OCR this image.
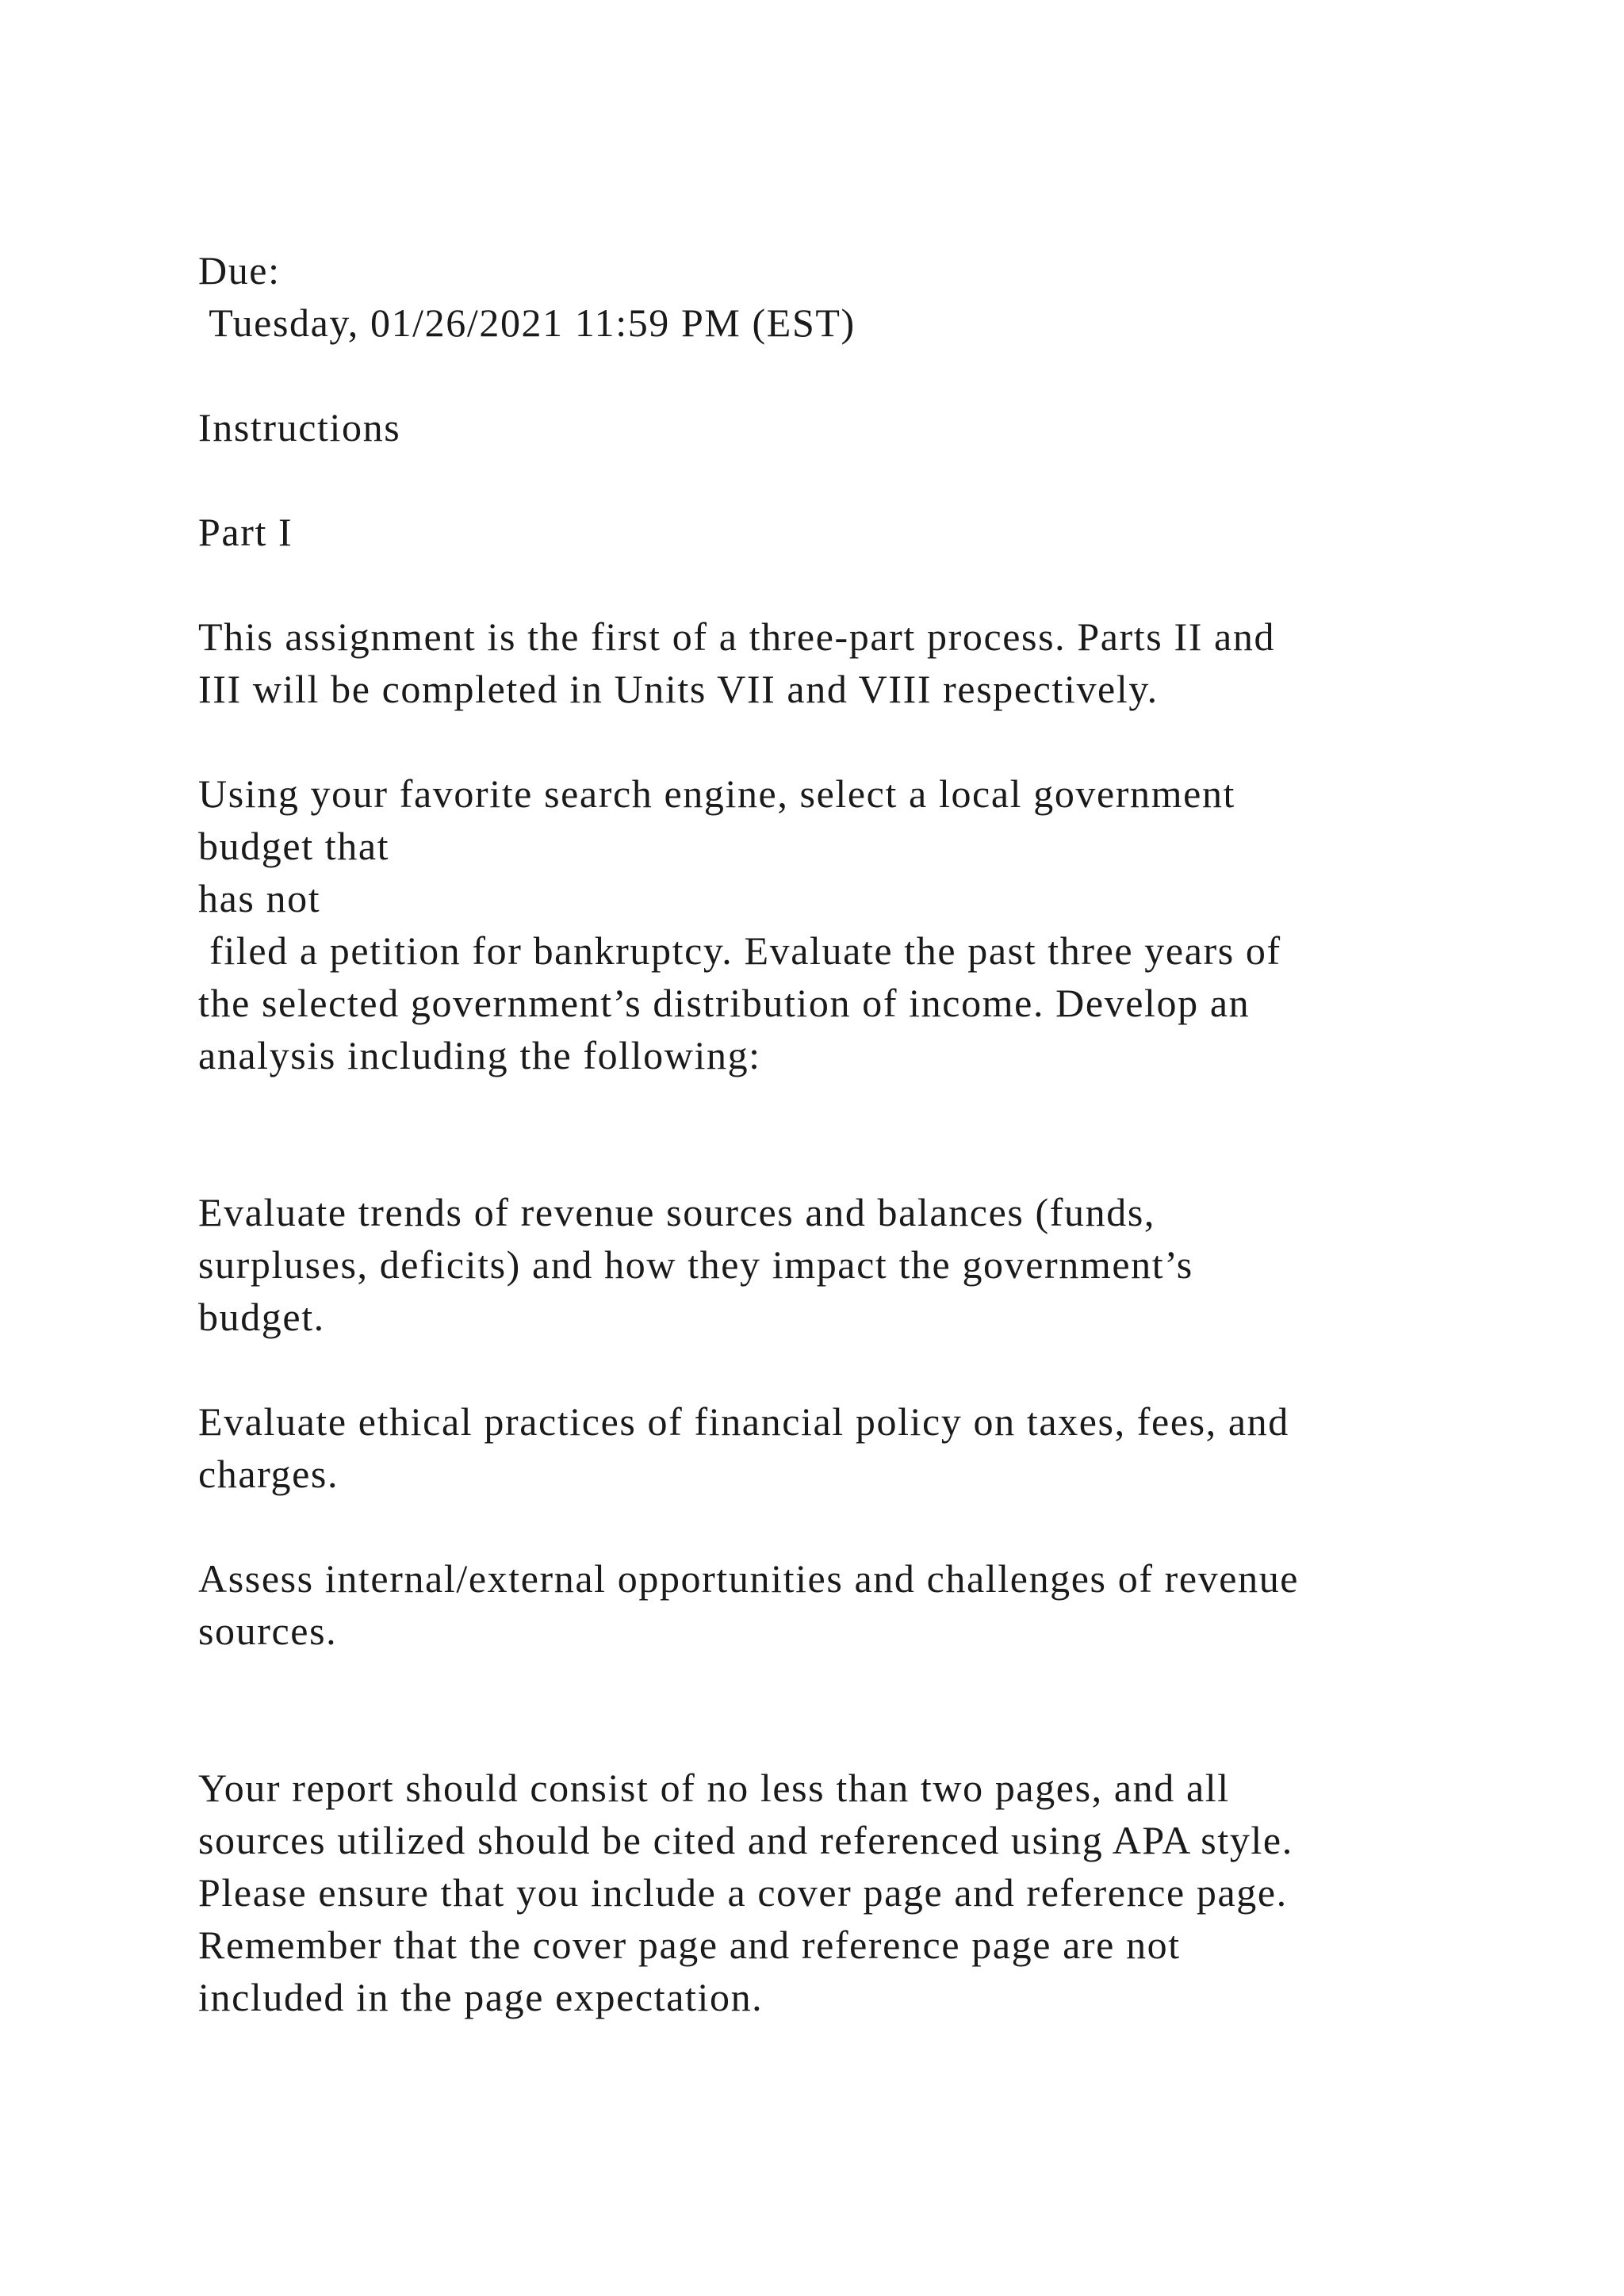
Due:
Tuesday, 01/26/2021 11:59 PM (EST)
Instructions
Part I
This assignment is the first of a three-part process. Parts II and
III will be completed in Units VII and VIII respectively.
Using your favorite search engine, select a local government
budget that
has not
filed a petition for bankruptcy. Evaluate the past three years of
the selected government’s distribution of income. Develop an
analysis including the following:
Evaluate trends of revenue sources and balances (funds,
surpluses, deficits) and how they impact the government’s
budget.
Evaluate ethical practices of financial policy on taxes, fees, and
charges.
Assess internal/external opportunities and challenges of revenue
sources.
Your report should consist of no less than two pages, and all
sources utilized should be cited and referenced using APA style.
Please ensure that you include a cover page and reference page.
Remember that the cover page and reference page are not
included in the page expectation.
